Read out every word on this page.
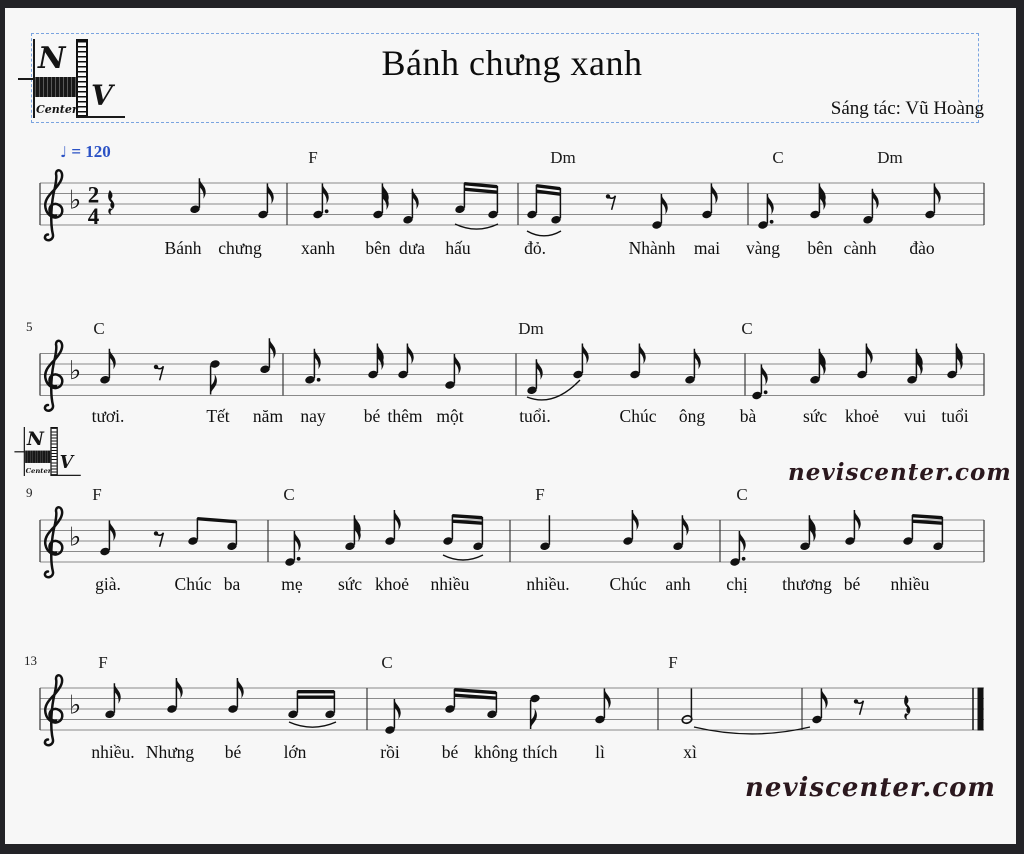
Bánh chưng xanh
Sáng tác: Vũ Hoàng
N
V
Center
N
V
Center
♩ = 120
neviscenter.com
neviscenter.com
♭ 2
4
F	Dm	C	Dm
Bánh chưng xanh bên dưa hấu	đỏ.	Nhành mai vàng bên cành đào
♭
C	Dm	C
5
tươi.	Tết năm nay bé thêm một	tuổi.	Chúc ông bà	sức khoẻ vui tuổi
♭
F	C	F	C
9
già.	Chúc ba mẹ sức khoẻ nhiều	nhiều. Chúc anh chị thương bé nhiều
♭
F	C	F
13
nhiều. Nhưng bé lớn	rồi bé không thích lì	xì
